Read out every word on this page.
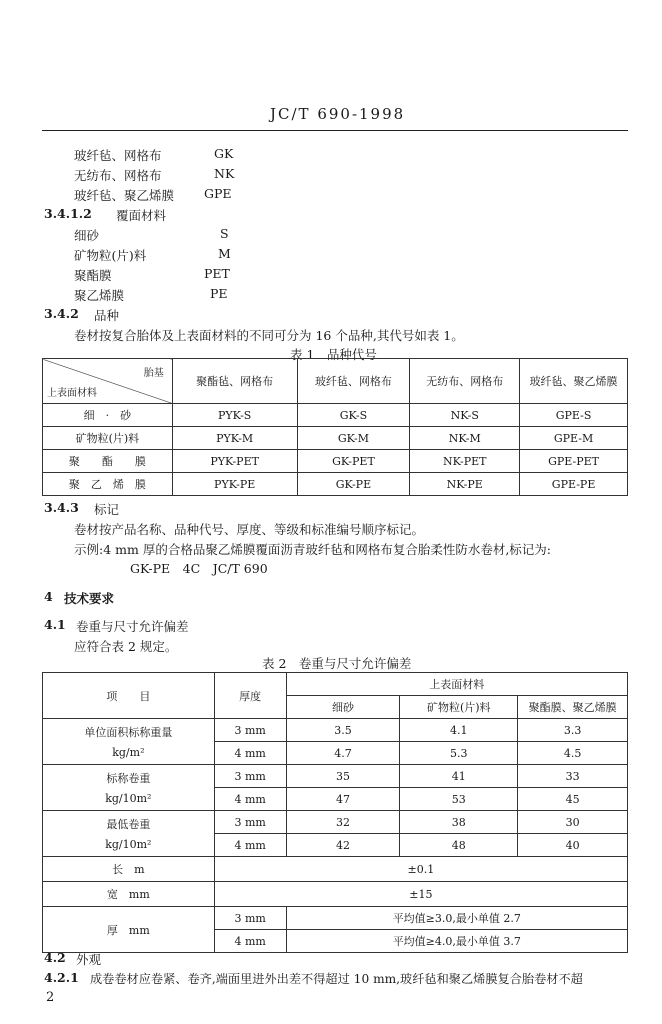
JC/T 690-1998
玻纤毡、网格布	GK
无纺布、网格布	NK
玻纤毡、聚乙烯膜 GPE
3.4.1.2 覆面材料
细砂	S
矿物粒(片)料	M
聚酯膜	PET
聚乙烯膜	PE
3.4.2 品种
卷材按复合胎体及上表面材料的不同可分为 16 个品种,其代号如表 1。
表 1　品种代号
胎基
上表面材料	聚酯毡、网格布	玻纤毡、网格布	无纺布、网格布	玻纤毡、聚乙烯膜
细　·　砂	PYK-S	GK-S	NK-S	GPE-S
矿物粒(片)料	PYK-M	GK-M	NK-M	GPE-M
聚　　酯　　膜	PYK-PET	GK-PET	NK-PET	GPE-PET
聚　乙　烯　膜	PYK-PE	GK-PE	NK-PE	GPE-PE
3.4.3 标记
卷材按产品名称、品种代号、厚度、等级和标准编号顺序标记。
示例:4 mm 厚的合格品聚乙烯膜覆面沥青玻纤毡和网格布复合胎柔性防水卷材,标记为:
GK-PE　4C　JC/T 690
4 技术要求
4.1 卷重与尺寸允许偏差
应符合表 2 规定。
表 2　卷重与尺寸允许偏差
项　　目	厚度	上表面材料		
		细砂	矿物粒(片)料	聚酯膜、聚乙烯膜

单位面积标称重量
kg/m²	3 mm	3.5	4.1	3.3
	4 mm	4.7	5.3	4.5

标称卷重
kg/10m²	3 mm	35	41	33
	4 mm	47	53	45

最低卷重
kg/10m²	3 mm	32	38	30
	4 mm	42	48	40
长　m	±0.1			
宽　mm	±15			
厚　mm	3 mm	平均值≥3.0,最小单值 2.7		
	4 mm	平均值≥4.0,最小单值 3.7		
4.2 外观
4.2.1 成卷卷材应卷紧、卷齐,端面里进外出差不得超过 10 mm,玻纤毡和聚乙烯膜复合胎卷材不超
2
